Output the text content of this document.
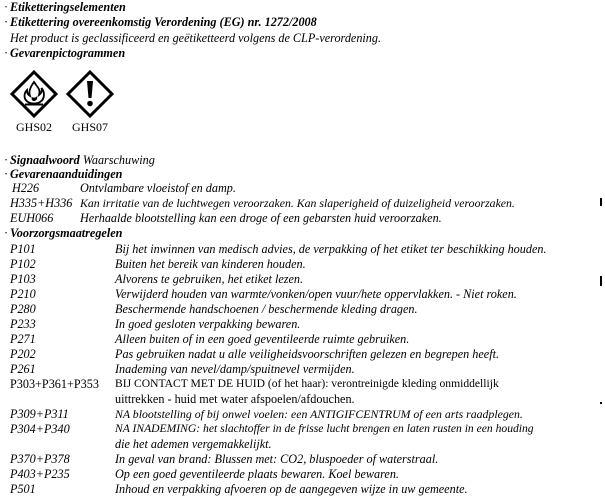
· Etiketteringselementen
· Etikettering overeenkomstig Verordening (EG) nr. 1272/2008
Het product is geclassificeerd en geëtiketteerd volgens de CLP-verordening.
· Gevarenpictogrammen
GHS02	GHS07
· Signaalwoord Waarschuwing
· Gevarenaanduidingen
H226	Ontvlambare vloeistof en damp.
H335+H336 Kan irritatie van de luchtwegen veroorzaken. Kan slaperigheid of duizeligheid veroorzaken.
EUH066 Herhaalde blootstelling kan een droge of een gebarsten huid veroorzaken.
· Voorzorgsmaatregelen
P101	Bij het inwinnen van medisch advies, de verpakking of het etiket ter beschikking houden.
P102	Buiten het bereik van kinderen houden.
P103	Alvorens te gebruiken, het etiket lezen.
P210	Verwijderd houden van warmte/vonken/open vuur/hete oppervlakken. - Niet roken.
P280	Beschermende handschoenen / beschermende kleding dragen.
P233	In goed gesloten verpakking bewaren.
P271	Alleen buiten of in een goed geventileerde ruimte gebruiken.
P202	Pas gebruiken nadat u alle veiligheidsvoorschriften gelezen en begrepen heeft.
P261	Inademing van nevel/damp/spuitnevel vermijden.
P303+P361+P353 BIJ CONTACT MET DE HUID (of het haar): verontreinigde kleding onmiddellijk
uittrekken - huid met water afspoelen/afdouchen.
P309+P311	NA blootstelling of bij onwel voelen: een ANTIGIFCENTRUM of een arts raadplegen.
P304+P340	NA INADEMING: het slachtoffer in de frisse lucht brengen en laten rusten in een houding
die het ademen vergemakkelijkt.
P370+P378	In geval van brand: Blussen met: CO2, bluspoeder of waterstraal.
P403+P235	Op een goed geventileerde plaats bewaren. Koel bewaren.
P501	Inhoud en verpakking afvoeren op de aangegeven wijze in uw gemeente.
